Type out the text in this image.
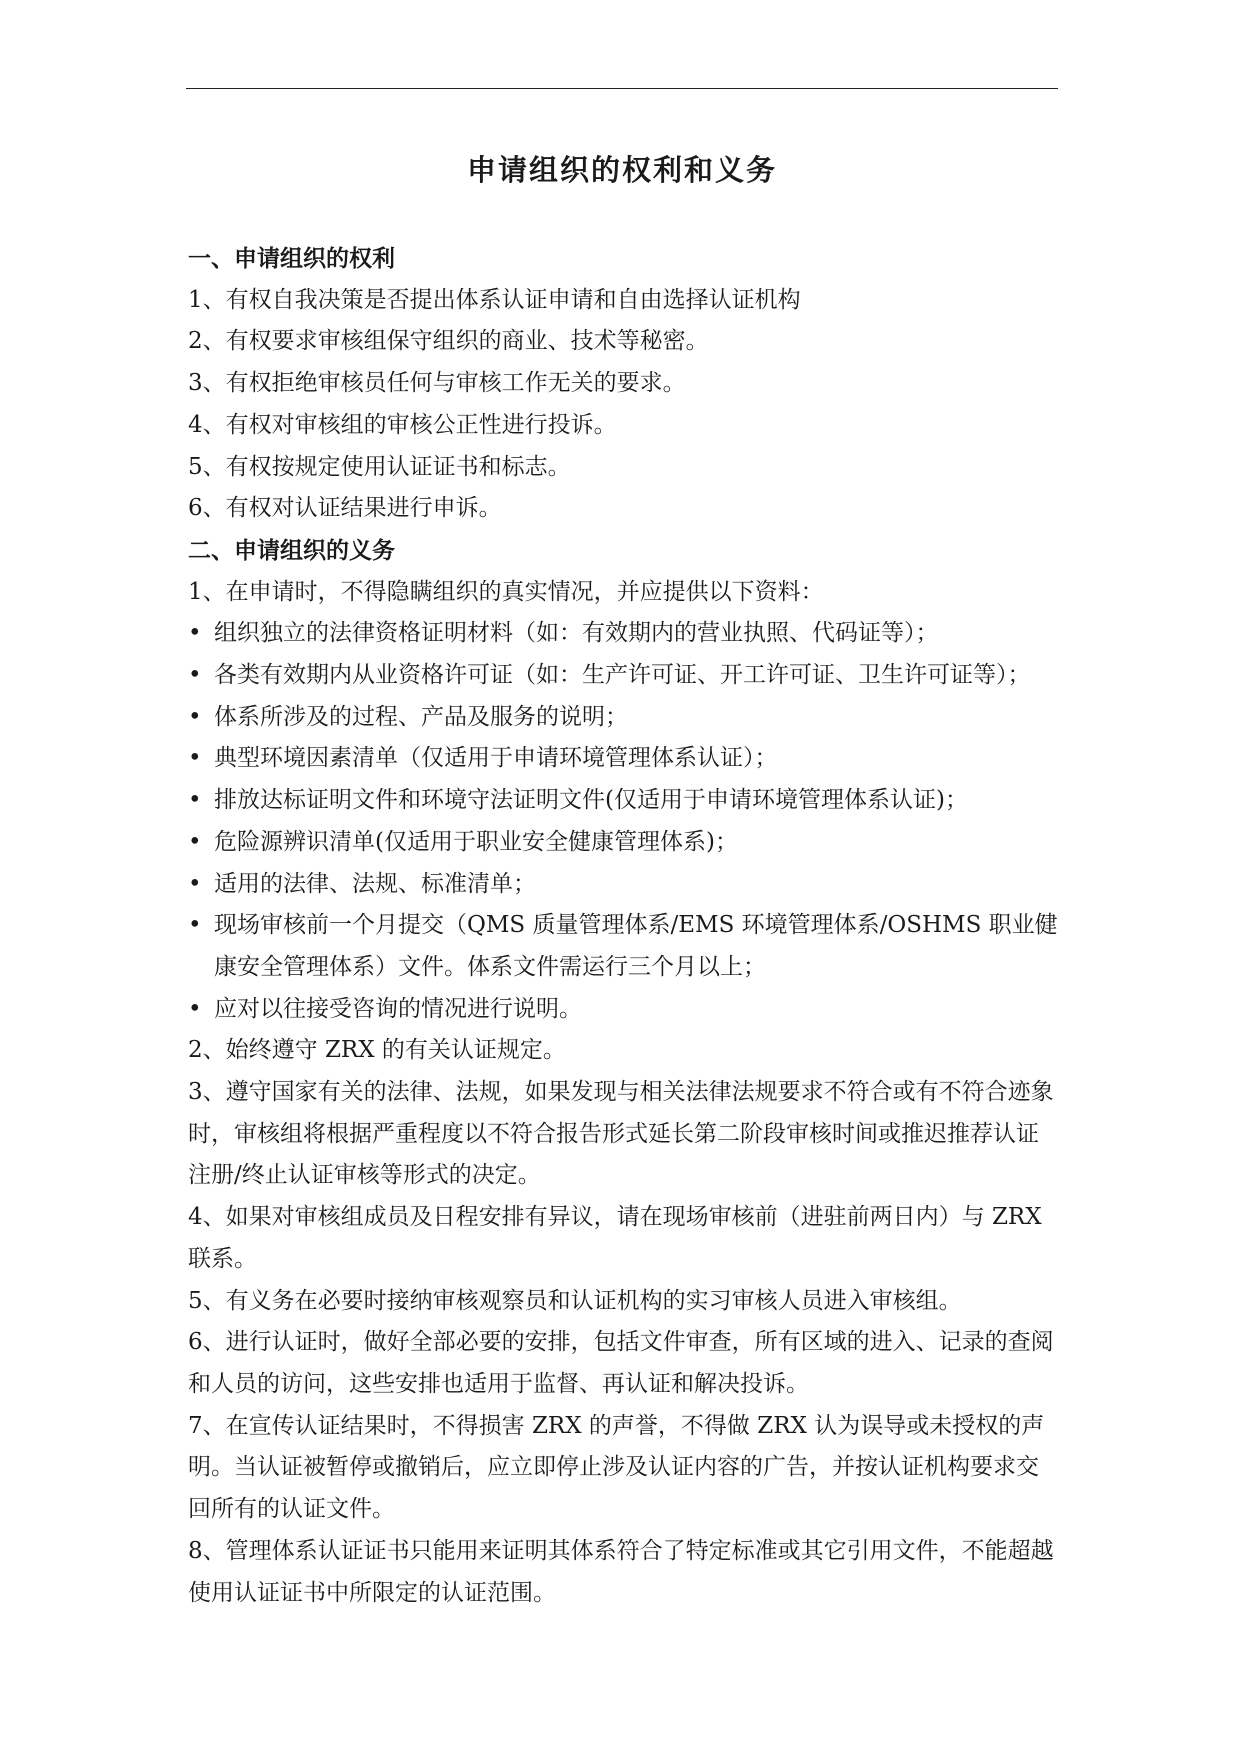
申请组织的权利和义务

一、申请组织的权利

1、有权自我决策是否提出体系认证申请和自由选择认证机构

2、有权要求审核组保守组织的商业、技术等秘密。

3、有权拒绝审核员任何与审核工作无关的要求。

4、有权对审核组的审核公正性进行投诉。

5、有权按规定使用认证证书和标志。

6、有权对认证结果进行申诉。

二、申请组织的义务

1、在申请时，不得隐瞒组织的真实情况，并应提供以下资料：

• 组织独立的法律资格证明材料（如：有效期内的营业执照、代码证等）；
• 各类有效期内从业资格许可证（如：生产许可证、开工许可证、卫生许可证等）；
• 体系所涉及的过程、产品及服务的说明；
• 典型环境因素清单（仅适用于申请环境管理体系认证）；
• 排放达标证明文件和环境守法证明文件(仅适用于申请环境管理体系认证)；
• 危险源辨识清单(仅适用于职业安全健康管理体系)；
• 适用的法律、法规、标准清单；
• 现场审核前一个月提交（QMS 质量管理体系/EMS 环境管理体系/OSHMS 职业健康安全管理体系）文件。体系文件需运行三个月以上；
• 应对以往接受咨询的情况进行说明。

2、始终遵守 ZRX 的有关认证规定。

3、遵守国家有关的法律、法规，如果发现与相关法律法规要求不符合或有不符合迹象时，审核组将根据严重程度以不符合报告形式延长第二阶段审核时间或推迟推荐认证注册/终止认证审核等形式的决定。

4、如果对审核组成员及日程安排有异议，请在现场审核前（进驻前两日内）与 ZRX 联系。

5、有义务在必要时接纳审核观察员和认证机构的实习审核人员进入审核组。

6、进行认证时，做好全部必要的安排，包括文件审查，所有区域的进入、记录的查阅和人员的访问，这些安排也适用于监督、再认证和解决投诉。

7、在宣传认证结果时，不得损害 ZRX 的声誉，不得做 ZRX 认为误导或未授权的声明。当认证被暂停或撤销后，应立即停止涉及认证内容的广告，并按认证机构要求交回所有的认证文件。

8、管理体系认证证书只能用来证明其体系符合了特定标准或其它引用文件，不能超越使用认证证书中所限定的认证范围。
